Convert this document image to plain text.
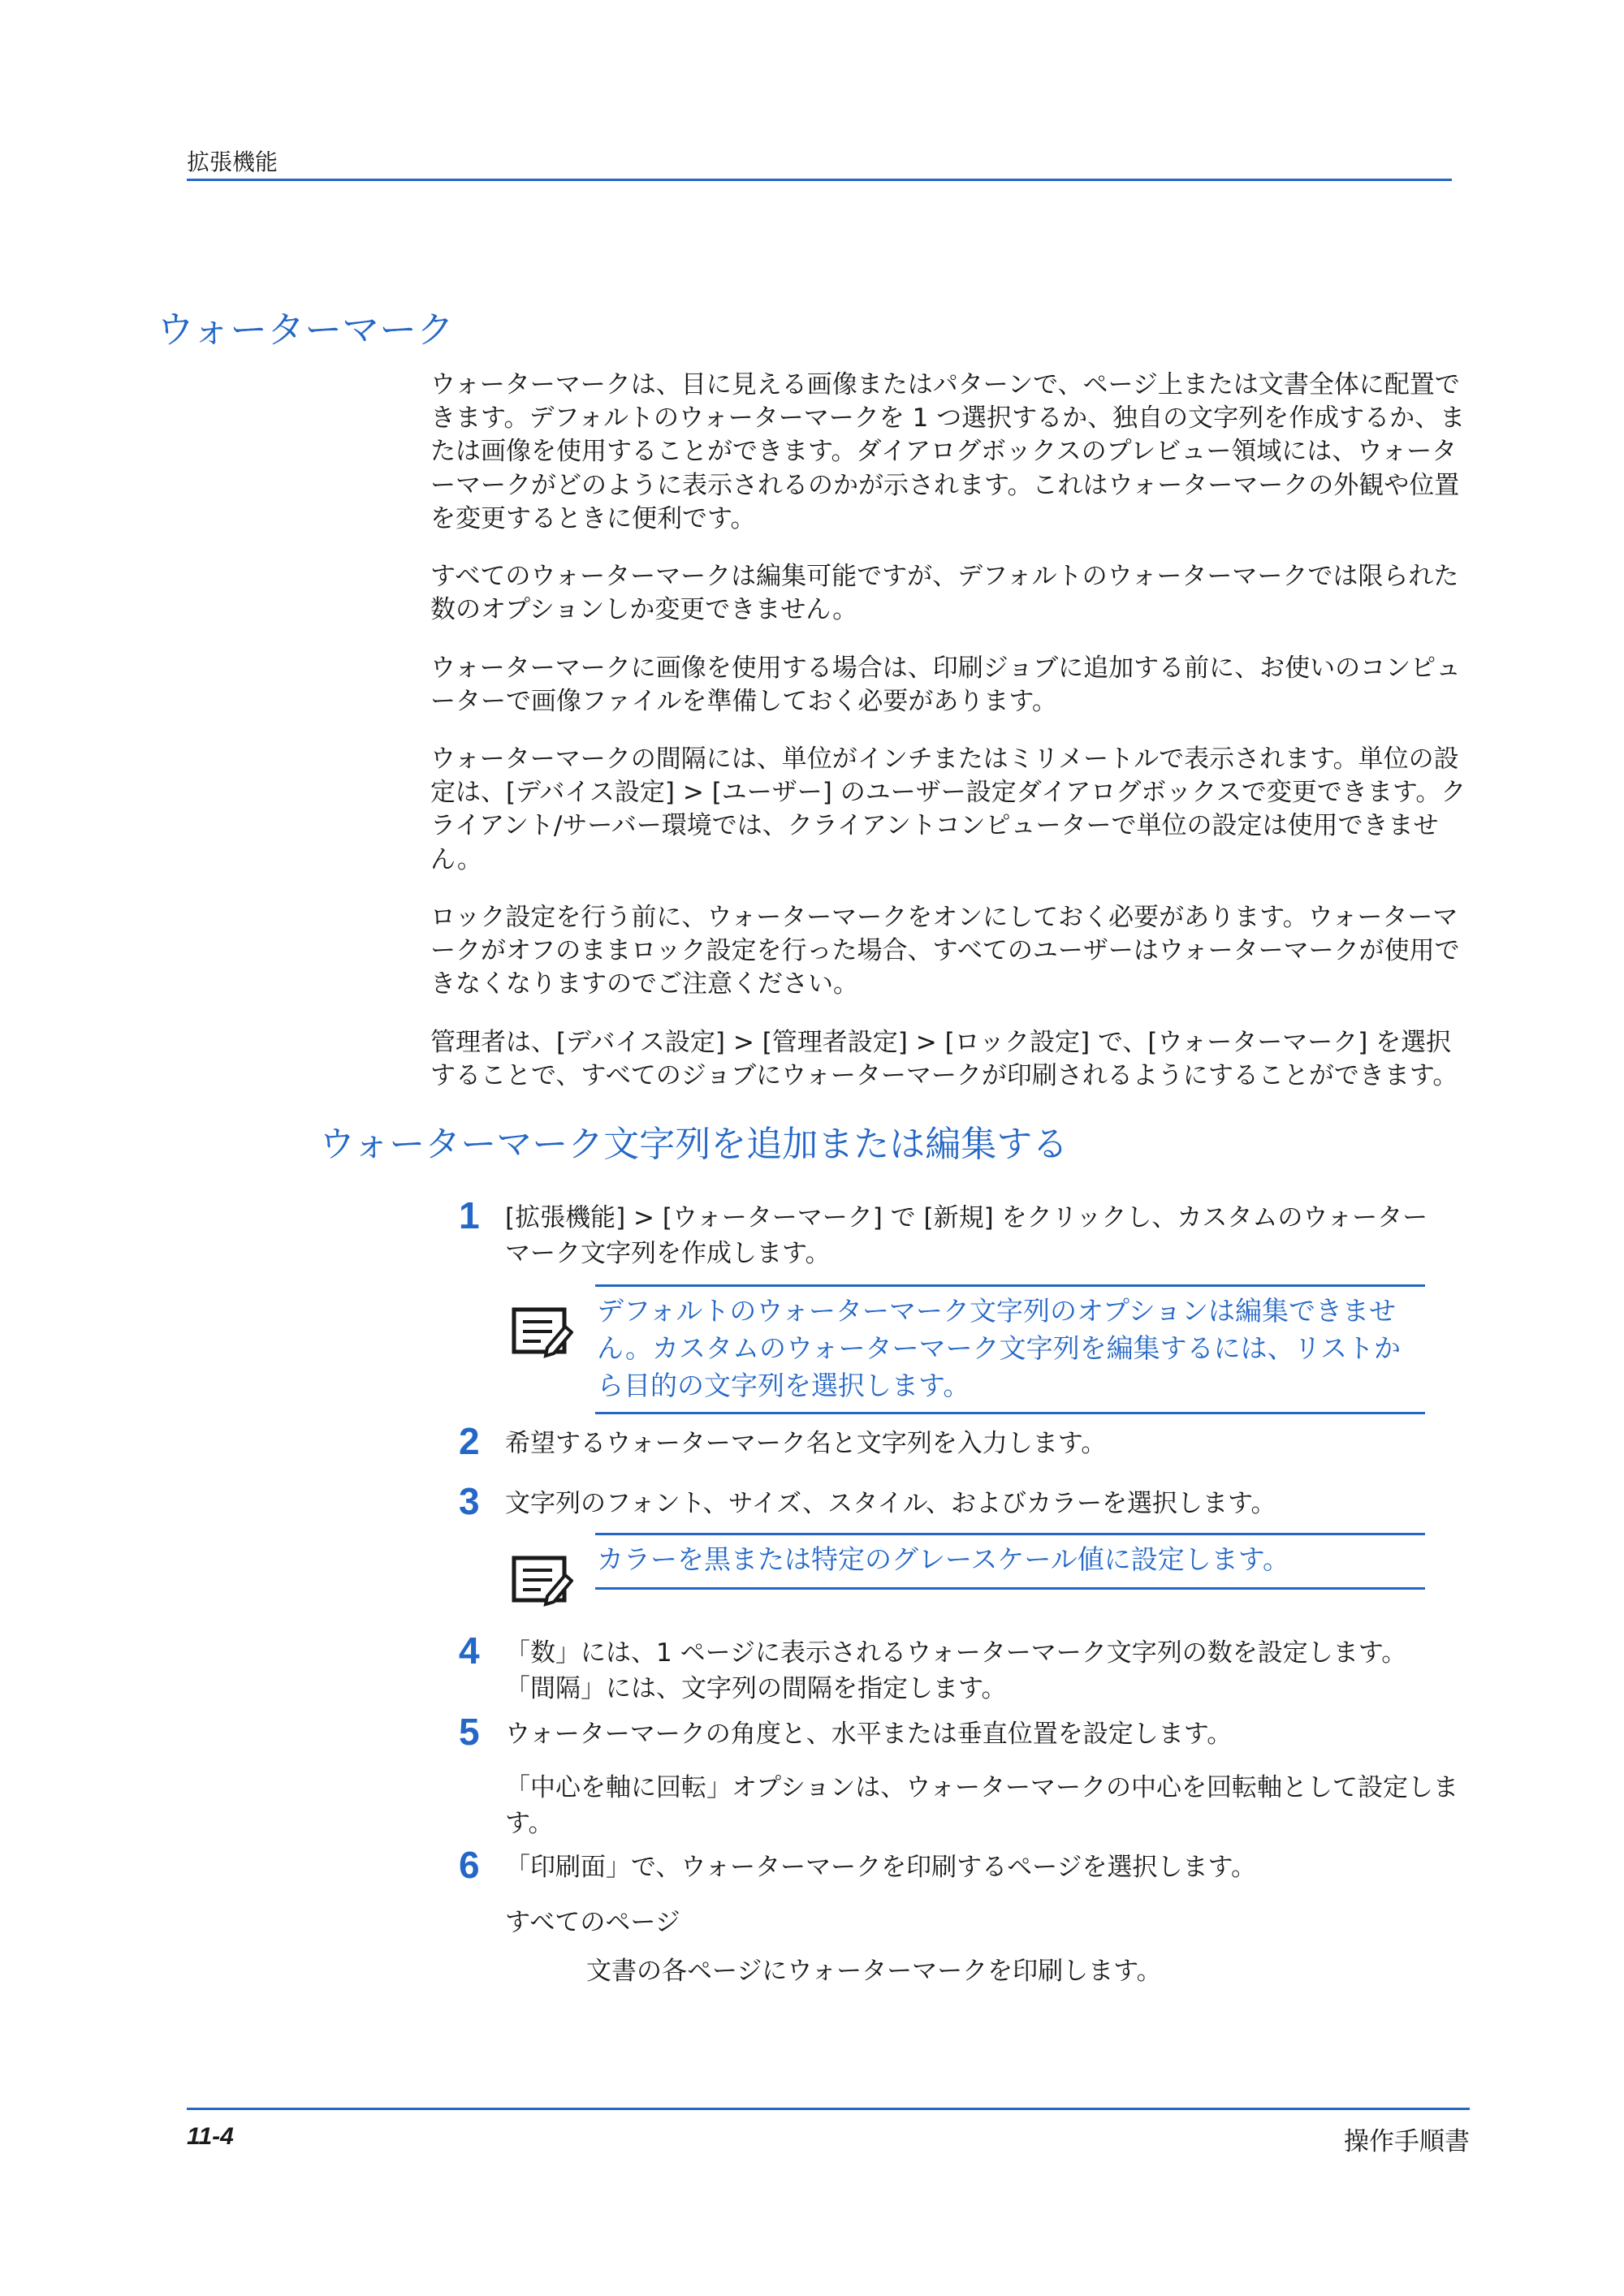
拡張機能
ウォーターマーク

ウォーターマークは、目に見える画像またはパターンで、ページ上または文書全体に配置できます。デフォルトのウォーターマークを 1 つ選択するか、独自の文字列を作成するか、または画像を使用することができます。ダイアログボックスのプレビュー領域には、ウォーターマークがどのように表示されるのかが示されます。これはウォーターマークの外観や位置を変更するときに便利です。

すべてのウォーターマークは編集可能ですが、デフォルトのウォーターマークでは限られた数のオプションしか変更できません。

ウォーターマークに画像を使用する場合は、印刷ジョブに追加する前に、お使いのコンピューターで画像ファイルを準備しておく必要があります。

ウォーターマークの間隔には、単位がインチまたはミリメートルで表示されます。単位の設定は、[デバイス設定] > [ユーザー] のユーザー設定ダイアログボックスで変更できます。クライアント/サーバー環境では、クライアントコンピューターで単位の設定は使用できません。

ロック設定を行う前に、ウォーターマークをオンにしておく必要があります。ウォーターマークがオフのままロック設定を行った場合、すべてのユーザーはウォーターマークが使用できなくなりますのでご注意ください。

管理者は、[デバイス設定] > [管理者設定] > [ロック設定] で、[ウォーターマーク] を選択することで、すべてのジョブにウォーターマークが印刷されるようにすることができます。

ウォーターマーク文字列を追加または編集する
1 [拡張機能] > [ウォーターマーク] で [新規] をクリックし、カスタムのウォーターマーク文字列を作成します。
デフォルトのウォーターマーク文字列のオプションは編集できません。カスタムのウォーターマーク文字列を編集するには、リストから目的の文字列を選択します。
2 希望するウォーターマーク名と文字列を入力します。
3 文字列のフォント、サイズ、スタイル、およびカラーを選択します。
カラーを黒または特定のグレースケール値に設定します。
4 「数」には、1 ページに表示されるウォーターマーク文字列の数を設定します。「間隔」には、文字列の間隔を指定します。
5 ウォーターマークの角度と、水平または垂直位置を設定します。
「中心を軸に回転」オプションは、ウォーターマークの中心を回転軸として設定します。
6 「印刷面」で、ウォーターマークを印刷するページを選択します。
すべてのページ
文書の各ページにウォーターマークを印刷します。
11-4	操作手順書
